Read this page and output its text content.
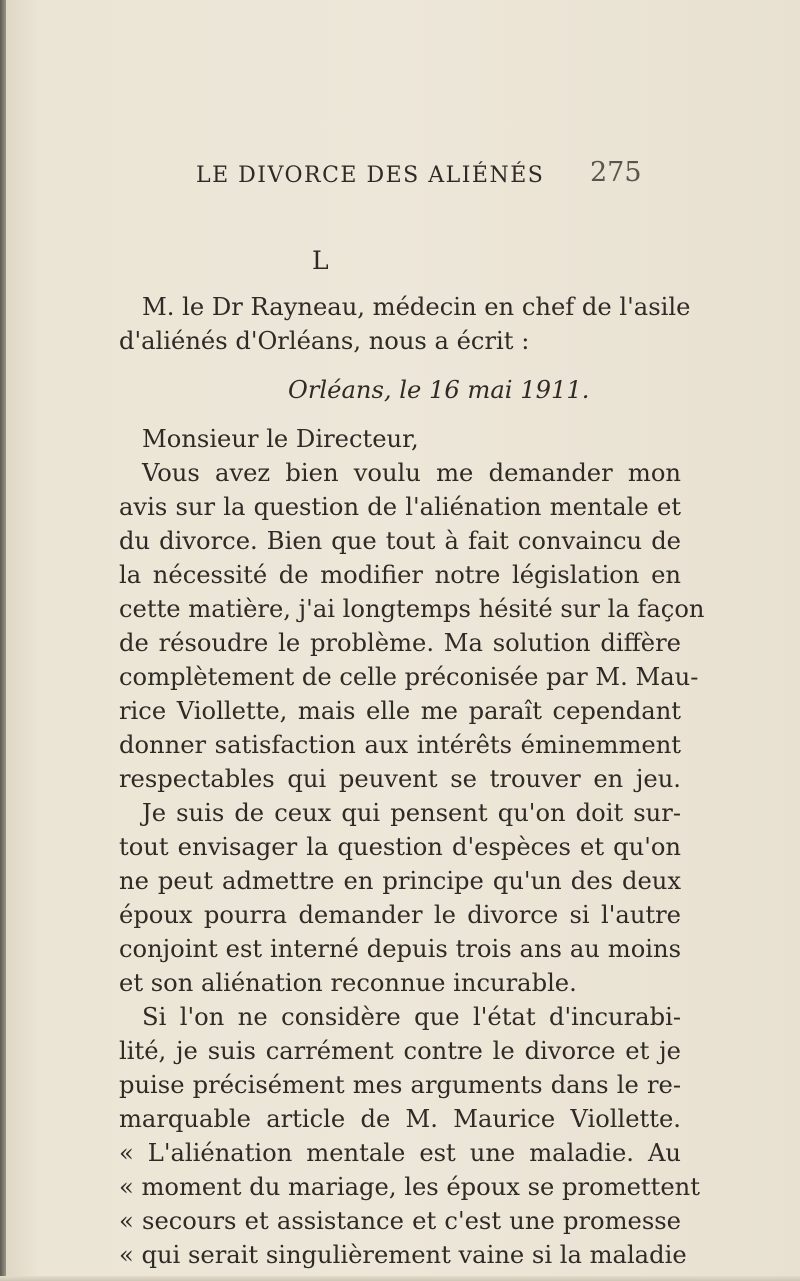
LE DIVORCE DES ALIÉNÉS	275
L
M. le Dr Rayneau, médecin en chef de l'asile
d'aliénés d'Orléans, nous a écrit :
Orléans, le 16 mai 1911.
Monsieur le Directeur,
Vous avez bien voulu me demander mon
avis sur la question de l'aliénation mentale et
du divorce. Bien que tout à fait convaincu de
la nécessité de modifier notre législation en
cette matière, j'ai longtemps hésité sur la façon
de résoudre le problème. Ma solution diffère
complètement de celle préconisée par M. Mau-
rice Viollette, mais elle me paraît cependant
donner satisfaction aux intérêts éminemment
respectables qui peuvent se trouver en jeu.
Je suis de ceux qui pensent qu'on doit sur-
tout envisager la question d'espèces et qu'on
ne peut admettre en principe qu'un des deux
époux pourra demander le divorce si l'autre
conjoint est interné depuis trois ans au moins
et son aliénation reconnue incurable.
Si l'on ne considère que l'état d'incurabi-
lité, je suis carrément contre le divorce et je
puise précisément mes arguments dans le re-
marquable article de M. Maurice Viollette.
« L'aliénation mentale est une maladie. Au
« moment du mariage, les époux se promettent
« secours et assistance et c'est une promesse
« qui serait singulièrement vaine si la maladie
